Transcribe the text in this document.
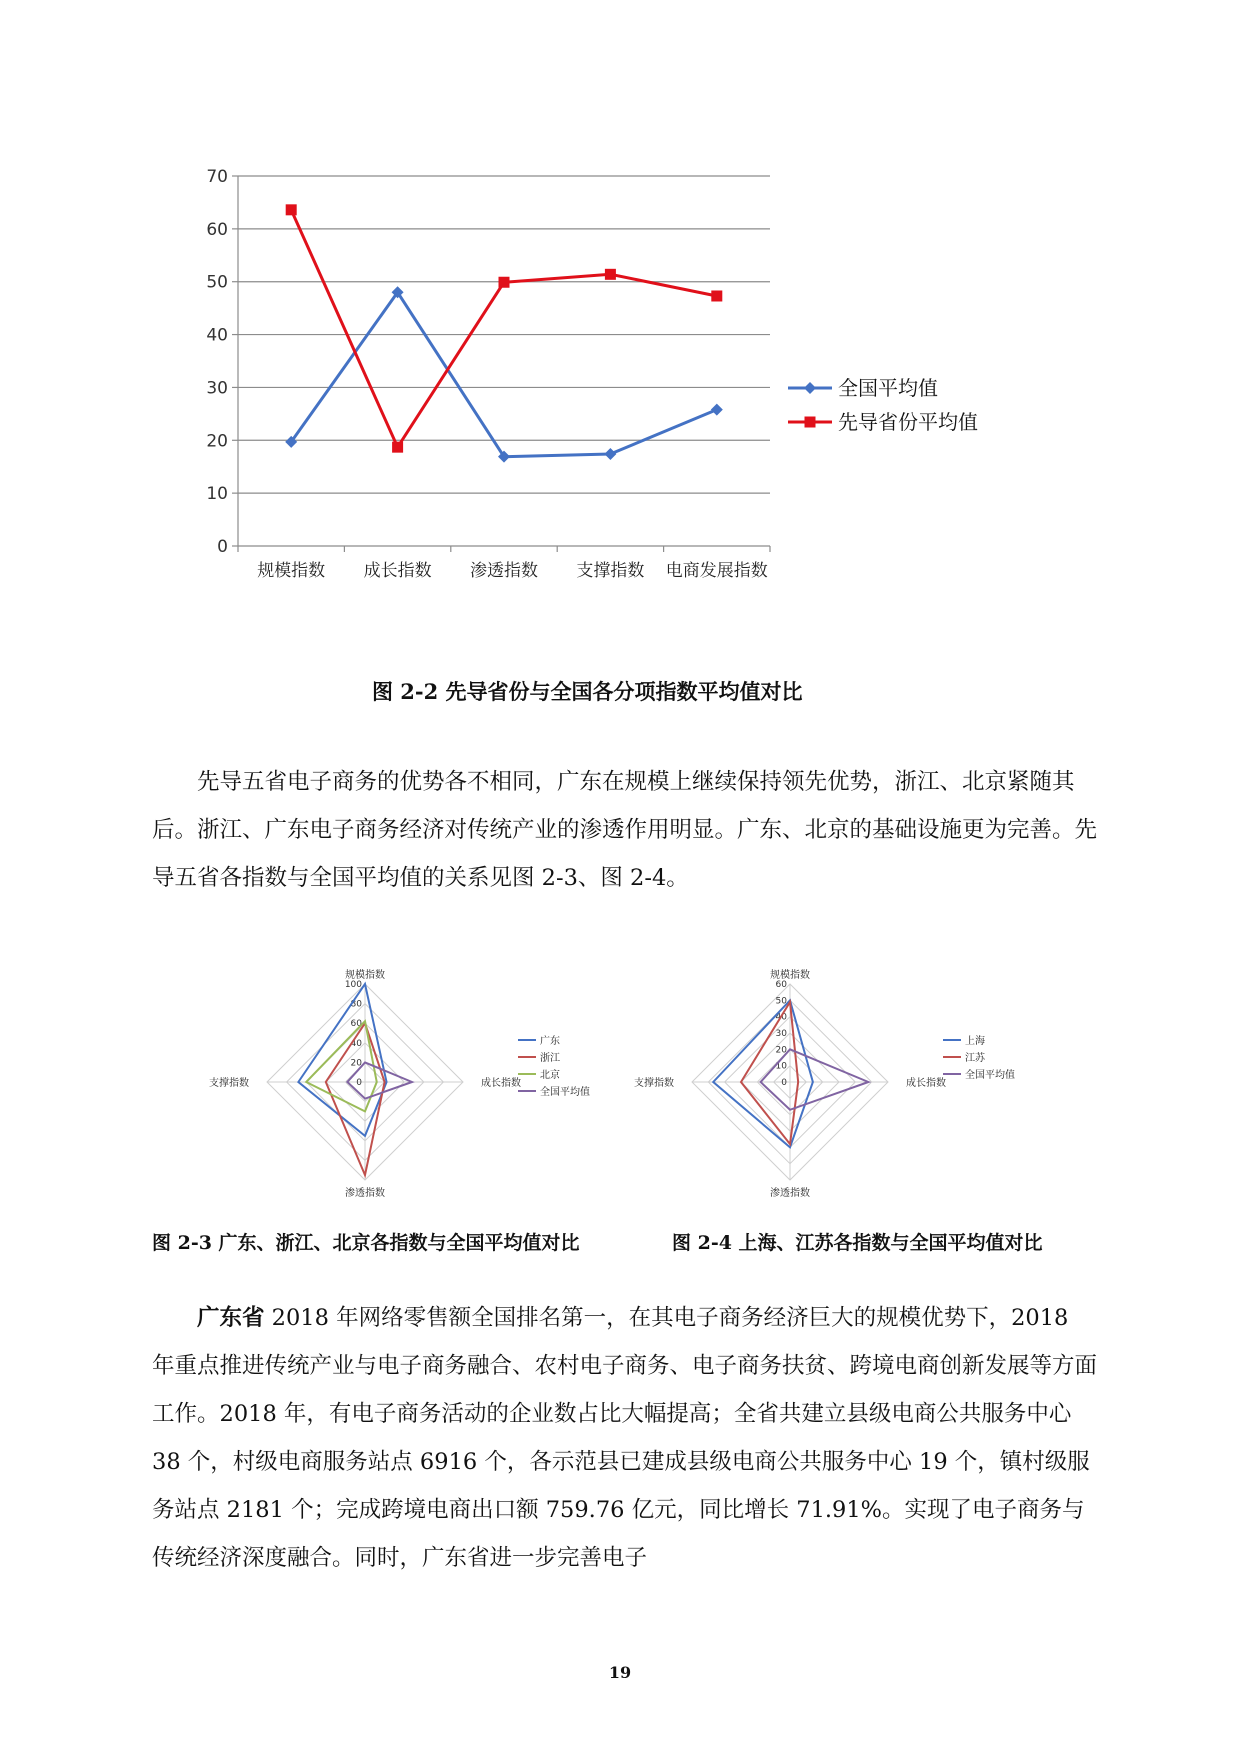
0
10
20
30
40
50
60
70
规模指数 成长指数 渗透指数 支撑指数 电商发展指数
全国平均值
先导省份平均值
图 2-2 先导省份与全国各分项指数平均值对比

先导五省电子商务的优势各不相同，广东在规模上继续保持领先优势，浙江、北京紧随其后。浙江、广东电子商务经济对传统产业的渗透作用明显。广东、北京的基础设施更为完善。先导五省各指数与全国平均值的关系见图 2-3、图 2-4。

0
20
40
60
80
100
规模指数
成长指数
渗透指数
支撑指数
广东
浙江
北京
全国平均值
0
10
20
30
40
50
60
规模指数
成长指数
渗透指数
支撑指数
上海
江苏
全国平均值
图 2-3 广东、浙江、北京各指数与全国平均值对比	图 2-4 上海、江苏各指数与全国平均值对比

广东省 2018 年网络零售额全国排名第一，在其电子商务经济巨大的规模优势下，2018 年重点推进传统产业与电子商务融合、农村电子商务、电子商务扶贫、跨境电商创新发展等方面工作。2018 年，有电子商务活动的企业数占比大幅提高；全省共建立县级电商公共服务中心 38 个，村级电商服务站点 6916 个，各示范县已建成县级电商公共服务中心 19 个，镇村级服务站点 2181 个；完成跨境电商出口额 759.76 亿元，同比增长 71.91%。实现了电子商务与传统经济深度融合。同时，广东省进一步完善电子

19
